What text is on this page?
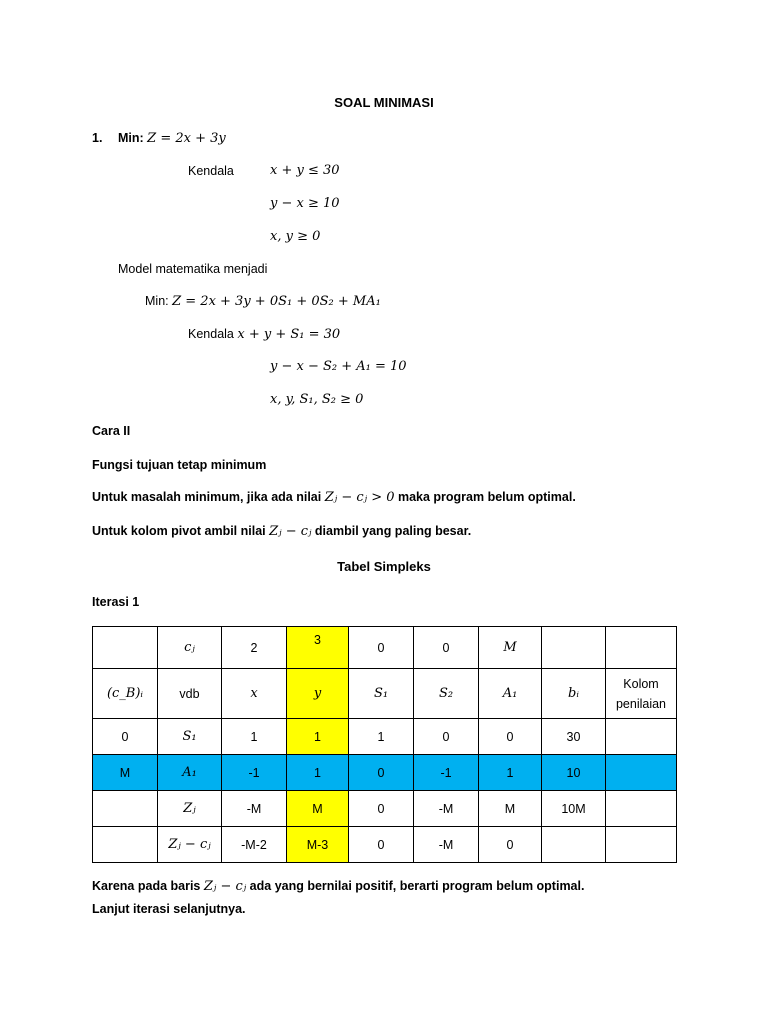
SOAL MINIMASI
1. Min: Z = 2x + 3y
Kendala	x + y ≤ 30
y − x ≥ 10
x, y ≥ 0
Model matematika menjadi
Min: Z = 2x + 3y + 0S₁ + 0S₂ + MA₁
Kendala x + y + S₁ = 30
y − x − S₂ + A₁ = 10
x, y, S₁, S₂ ≥ 0
Cara II
Fungsi tujuan tetap minimum
Untuk masalah minimum, jika ada nilai Zⱼ − cⱼ > 0 maka program belum optimal.
Untuk kolom pivot ambil nilai Zⱼ − cⱼ diambil yang paling besar.
Tabel Simpleks
Iterasi 1
	cⱼ	2	3	0	0	M		
(c_B)ᵢ	vdb	x	y	S₁	S₂	A₁	bᵢ	Kolom penilaian
0	S₁	1	1	1	0	0	30	
M	A₁	-1	1	0	-1	1	10	
	Zⱼ	-M	M	0	-M	M	10M	
	Zⱼ − cⱼ	-M-2	M-3	0	-M	0		
Karena pada baris Zⱼ − cⱼ ada yang bernilai positif, berarti program belum optimal.
Lanjut iterasi selanjutnya.
